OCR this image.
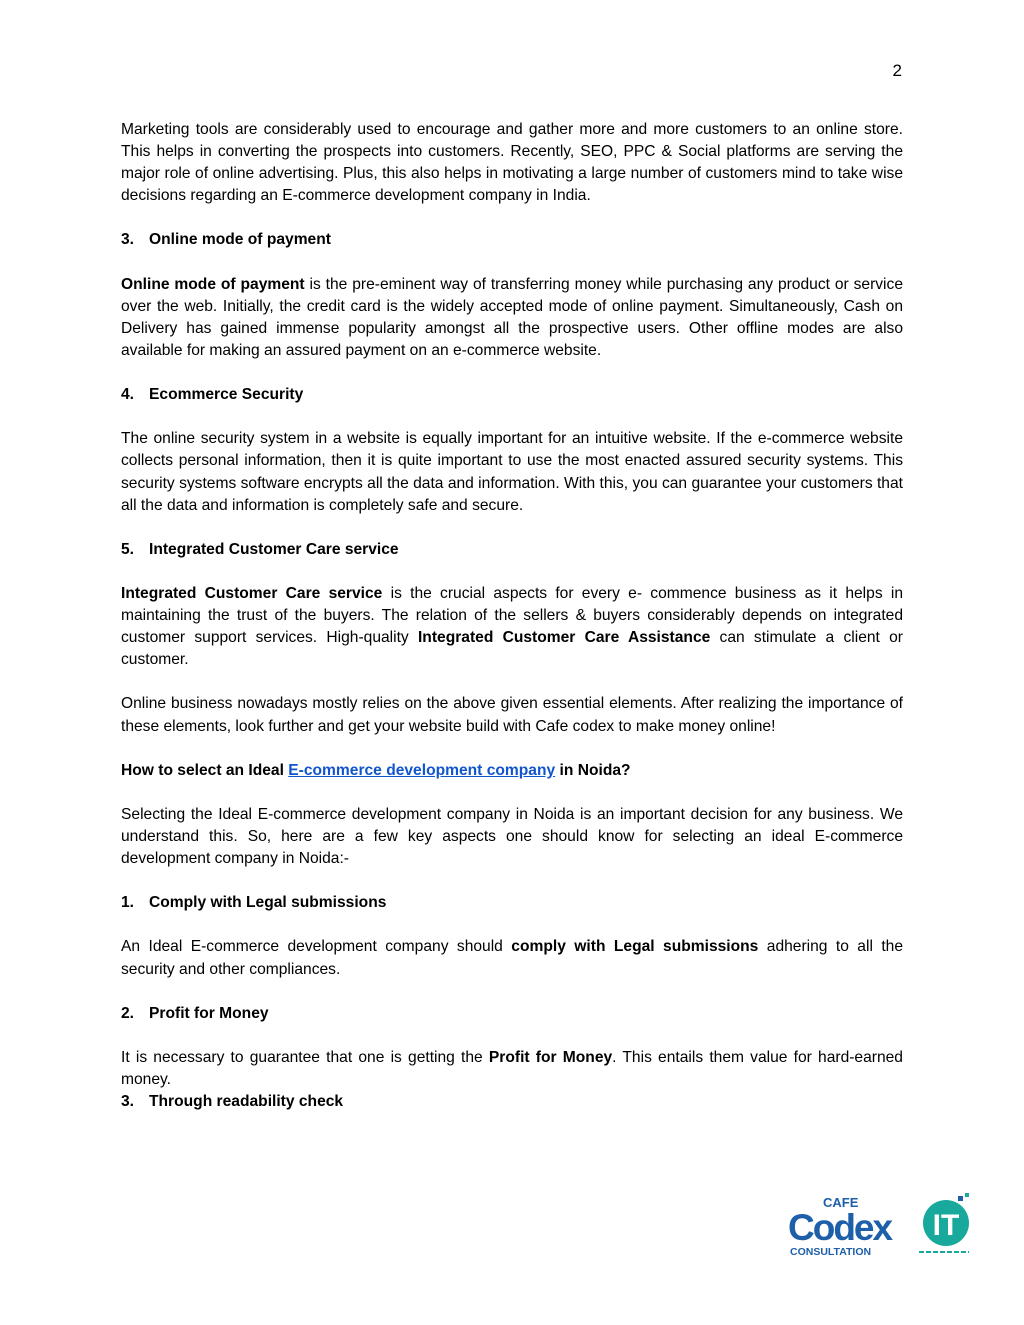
2

Marketing tools are considerably used to encourage and gather more and more customers to an online store. This helps in converting the prospects into customers. Recently, SEO, PPC & Social platforms are serving the major role of online advertising. Plus, this also helps in motivating a large number of customers mind to take wise decisions regarding an E-commerce development company in India.

3. Online mode of payment

Online mode of payment is the pre-eminent way of transferring money while purchasing any product or service over the web. Initially, the credit card is the widely accepted mode of online payment. Simultaneously, Cash on Delivery has gained immense popularity amongst all the prospective users. Other offline modes are also available for making an assured payment on an e-commerce website.

4. Ecommerce Security

The online security system in a website is equally important for an intuitive website. If the e-commerce website collects personal information, then it is quite important to use the most enacted assured security systems. This security systems software encrypts all the data and information. With this, you can guarantee your customers that all the data and information is completely safe and secure.

5. Integrated Customer Care service

Integrated Customer Care service is the crucial aspects for every e- commence business as it helps in maintaining the trust of the buyers. The relation of the sellers & buyers considerably depends on integrated customer support services. High-quality Integrated Customer Care Assistance can stimulate a client or customer.

Online business nowadays mostly relies on the above given essential elements. After realizing the importance of these elements, look further and get your website build with Cafe codex to make money online!

How to select an Ideal E-commerce development company in Noida?

Selecting the Ideal E-commerce development company in Noida is an important decision for any business. We understand this. So, here are a few key aspects one should know for selecting an ideal E-commerce development company in Noida:-

1. Comply with Legal submissions

An Ideal E-commerce development company should comply with Legal submissions adhering to all the security and other compliances.

2. Profit for Money

It is necessary to guarantee that one is getting the Profit for Money. This entails them value for hard-earned money.

3. Through readability check

CAFE
Codex
CONSULTATION
IT
